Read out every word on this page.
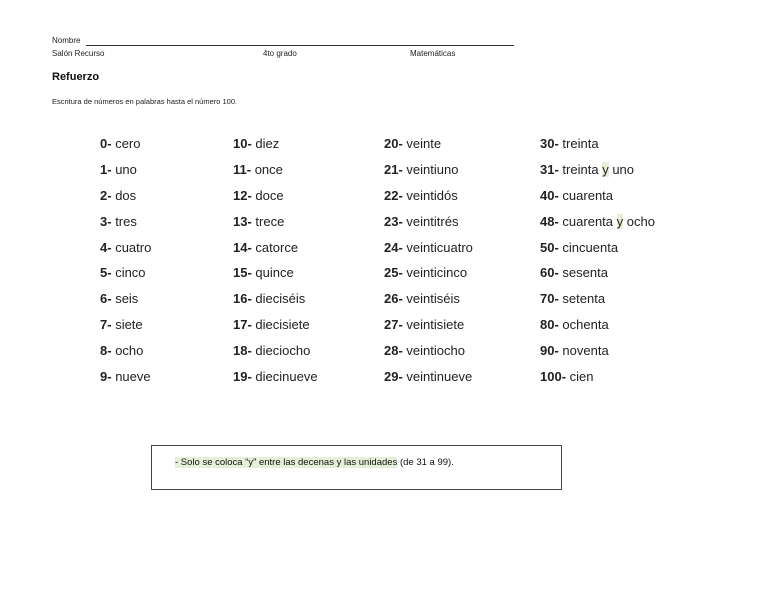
Nombre
Salón Recurso	4to grado	Matemáticas
Refuerzo
Escritura de números en palabras hasta el número 100.
0- cero
1- uno
2- dos
3- tres
4- cuatro
5- cinco
6- seis
7- siete
8- ocho
9- nueve
10- diez
11- once
12- doce
13- trece
14- catorce
15- quince
16- dieciséis
17- diecisiete
18- dieciocho
19- diecinueve
20- veinte
21- veintiuno
22- veintidós
23- veintitrés
24- veinticuatro
25- veinticinco
26- veintiséis
27- veintisiete
28- veintiocho
29- veintinueve
30- treinta
31- treinta y uno
40- cuarenta
48- cuarenta y ocho
50- cincuenta
60- sesenta
70- setenta
80- ochenta
90- noventa
100- cien
- Solo se coloca “y” entre las decenas y las unidades (de 31 a 99).
